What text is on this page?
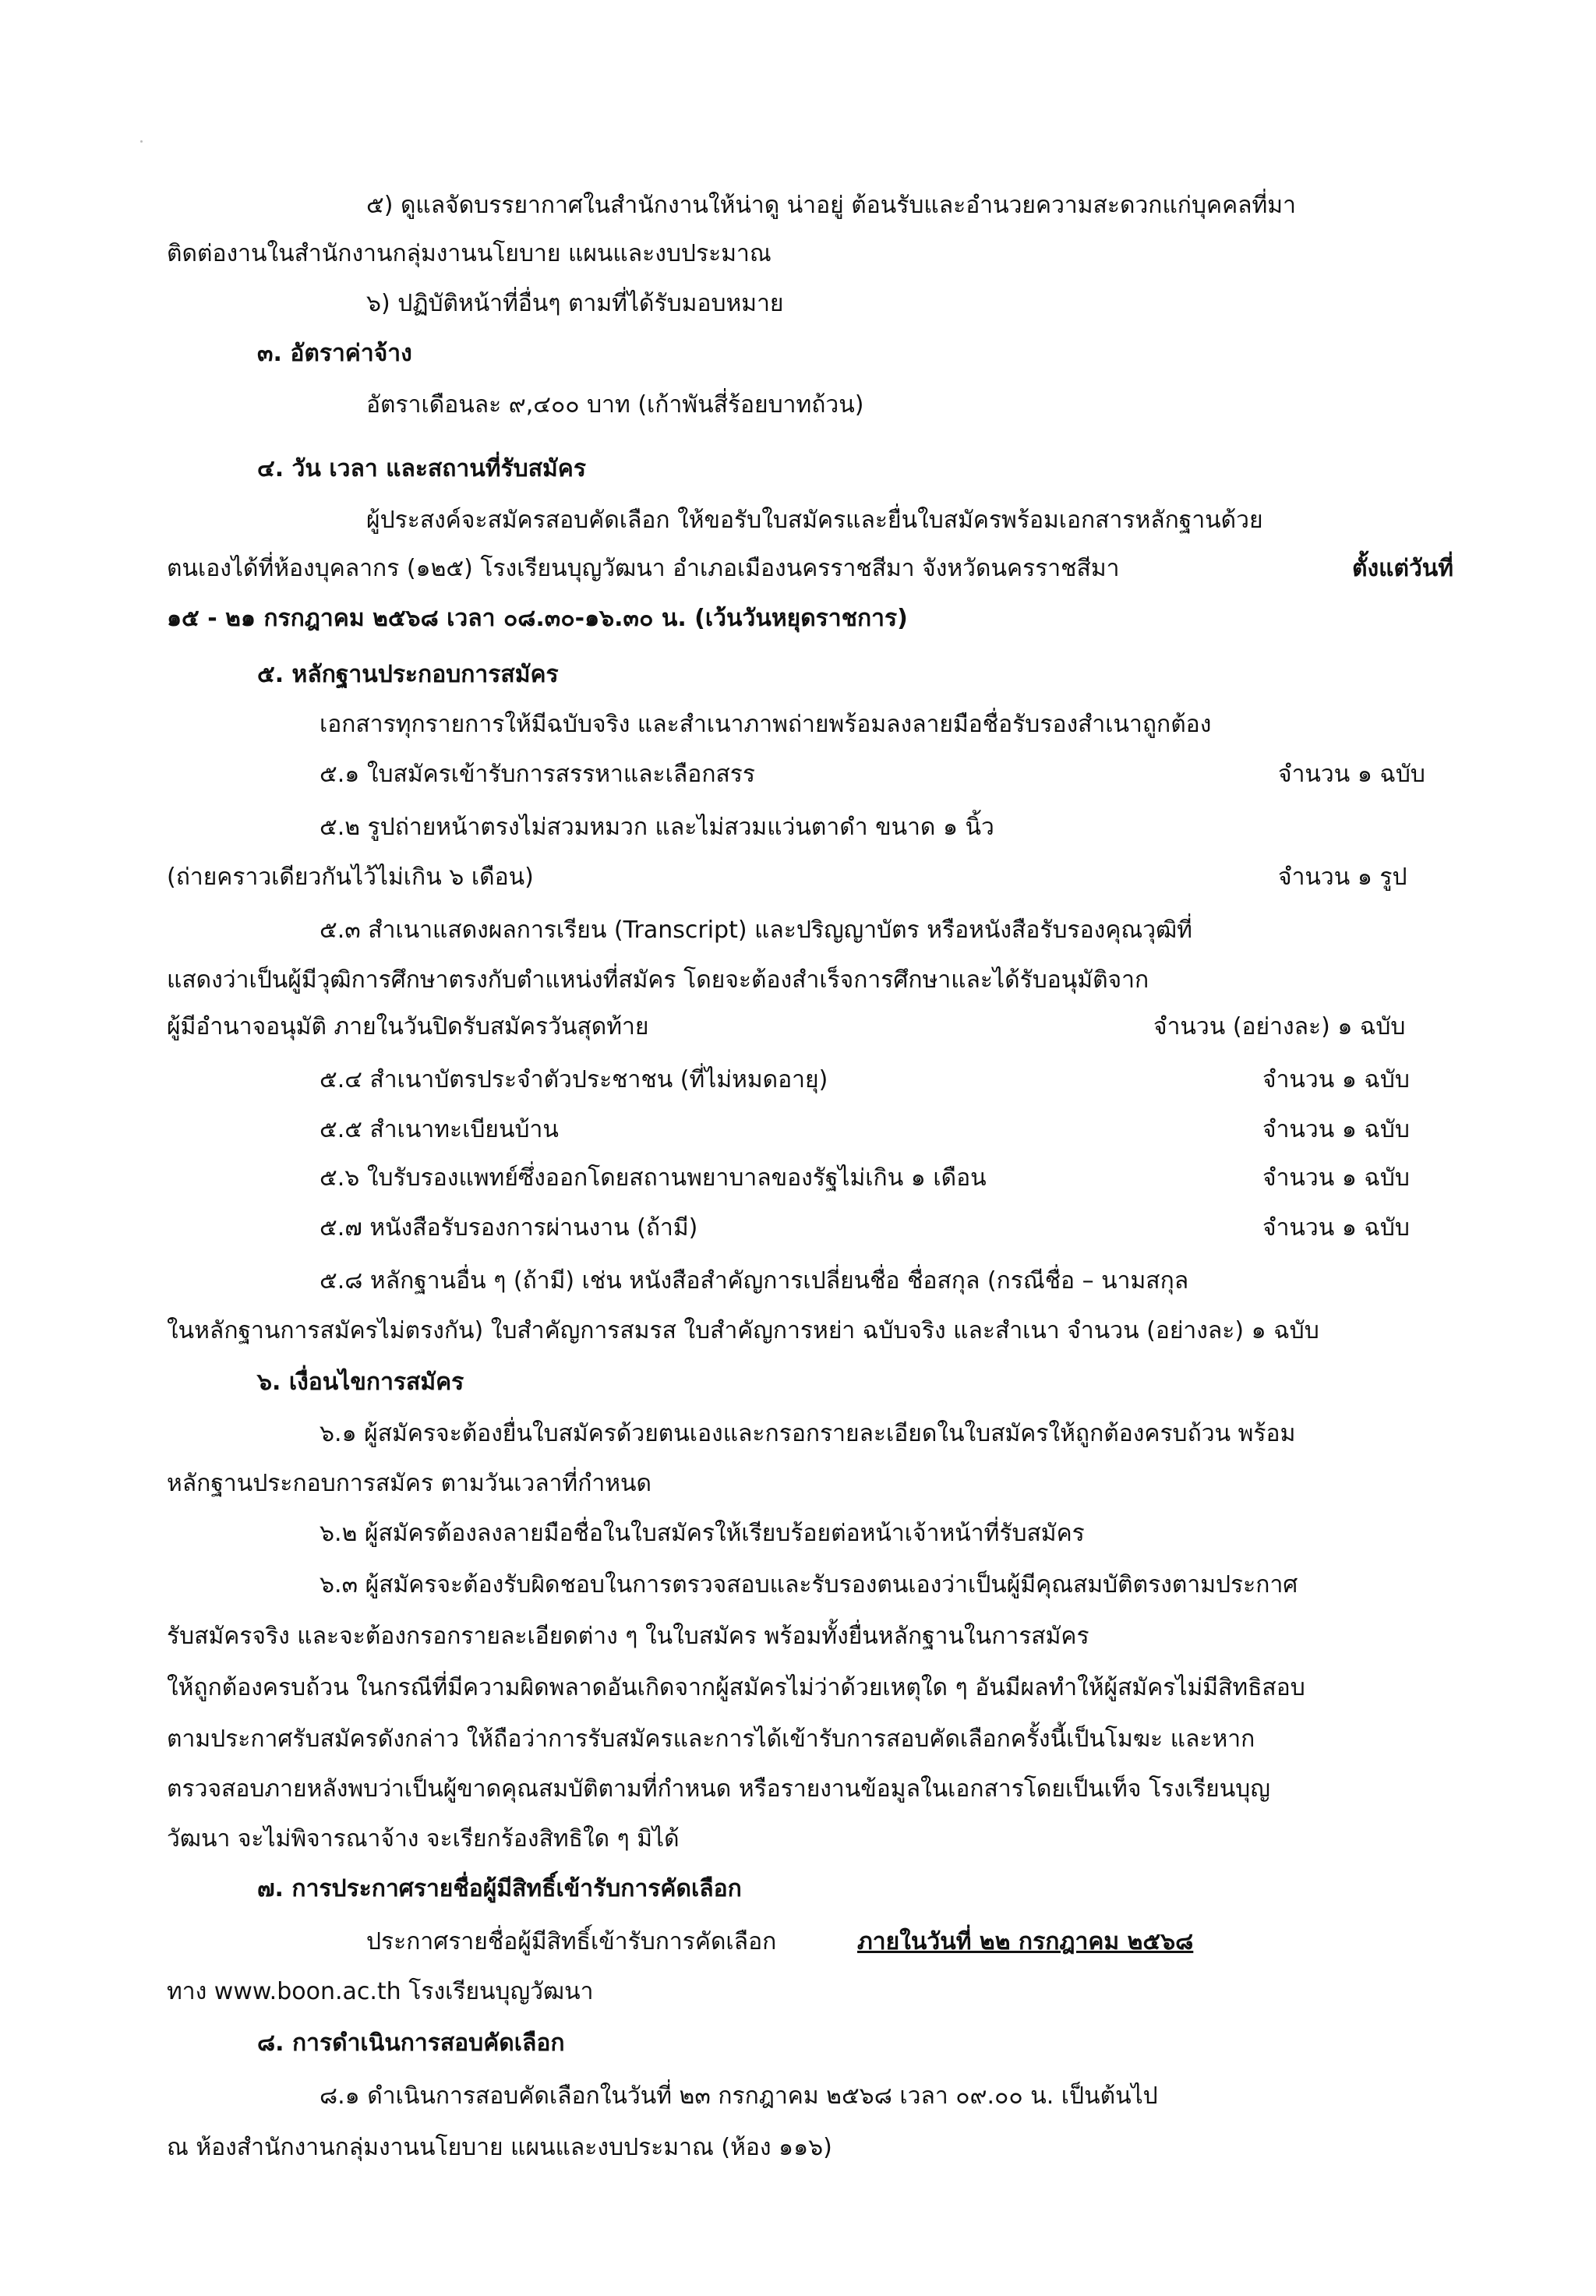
๕) ดูแลจัดบรรยากาศในสำนักงานให้น่าดู น่าอยู่ ต้อนรับและอำนวยความสะดวกแก่บุคคลที่มา
ติดต่องานในสำนักงานกลุ่มงานนโยบาย แผนและงบประมาณ
๖) ปฏิบัติหน้าที่อื่นๆ ตามที่ได้รับมอบหมาย
๓. อัตราค่าจ้าง
อัตราเดือนละ ๙,๔๐๐ บาท (เก้าพันสี่ร้อยบาทถ้วน)
๔. วัน เวลา และสถานที่รับสมัคร
ผู้ประสงค์จะสมัครสอบคัดเลือก ให้ขอรับใบสมัครและยื่นใบสมัครพร้อมเอกสารหลักฐานด้วย
ตนเองได้ที่ห้องบุคลากร (๑๒๕) โรงเรียนบุญวัฒนา อำเภอเมืองนครราชสีมา จังหวัดนครราชสีมา	ตั้งแต่วันที่
๑๕ - ๒๑ กรกฎาคม ๒๕๖๘ เวลา ๐๘.๓๐-๑๖.๓๐ น. (เว้นวันหยุดราชการ)
๕. หลักฐานประกอบการสมัคร
เอกสารทุกรายการให้มีฉบับจริง และสำเนาภาพถ่ายพร้อมลงลายมือชื่อรับรองสำเนาถูกต้อง
๕.๑ ใบสมัครเข้ารับการสรรหาและเลือกสรร	จำนวน ๑ ฉบับ
๕.๒ รูปถ่ายหน้าตรงไม่สวมหมวก และไม่สวมแว่นตาดำ ขนาด ๑ นิ้ว
(ถ่ายคราวเดียวกันไว้ไม่เกิน ๖ เดือน)	จำนวน ๑ รูป
๕.๓ สำเนาแสดงผลการเรียน (Transcript) และปริญญาบัตร หรือหนังสือรับรองคุณวุฒิที่
แสดงว่าเป็นผู้มีวุฒิการศึกษาตรงกับตำแหน่งที่สมัคร โดยจะต้องสำเร็จการศึกษาและได้รับอนุมัติจาก
ผู้มีอำนาจอนุมัติ ภายในวันปิดรับสมัครวันสุดท้าย	จำนวน (อย่างละ) ๑ ฉบับ
๕.๔ สำเนาบัตรประจำตัวประชาชน (ที่ไม่หมดอายุ)	จำนวน ๑ ฉบับ
๕.๕ สำเนาทะเบียนบ้าน	จำนวน ๑ ฉบับ
๕.๖ ใบรับรองแพทย์ซึ่งออกโดยสถานพยาบาลของรัฐไม่เกิน ๑ เดือน	จำนวน ๑ ฉบับ
๕.๗ หนังสือรับรองการผ่านงาน (ถ้ามี)	จำนวน ๑ ฉบับ
๕.๘ หลักฐานอื่น ๆ (ถ้ามี) เช่น หนังสือสำคัญการเปลี่ยนชื่อ ชื่อสกุล (กรณีชื่อ – นามสกุล
ในหลักฐานการสมัครไม่ตรงกัน) ใบสำคัญการสมรส ใบสำคัญการหย่า ฉบับจริง และสำเนา จำนวน (อย่างละ) ๑ ฉบับ
๖. เงื่อนไขการสมัคร
๖.๑ ผู้สมัครจะต้องยื่นใบสมัครด้วยตนเองและกรอกรายละเอียดในใบสมัครให้ถูกต้องครบถ้วน พร้อม
หลักฐานประกอบการสมัคร ตามวันเวลาที่กำหนด
๖.๒ ผู้สมัครต้องลงลายมือชื่อในใบสมัครให้เรียบร้อยต่อหน้าเจ้าหน้าที่รับสมัคร
๖.๓ ผู้สมัครจะต้องรับผิดชอบในการตรวจสอบและรับรองตนเองว่าเป็นผู้มีคุณสมบัติตรงตามประกาศ
รับสมัครจริง และจะต้องกรอกรายละเอียดต่าง ๆ ในใบสมัคร พร้อมทั้งยื่นหลักฐานในการสมัคร
ให้ถูกต้องครบถ้วน ในกรณีที่มีความผิดพลาดอันเกิดจากผู้สมัครไม่ว่าด้วยเหตุใด ๆ อันมีผลทำให้ผู้สมัครไม่มีสิทธิสอบ
ตามประกาศรับสมัครดังกล่าว ให้ถือว่าการรับสมัครและการได้เข้ารับการสอบคัดเลือกครั้งนี้เป็นโมฆะ และหาก
ตรวจสอบภายหลังพบว่าเป็นผู้ขาดคุณสมบัติตามที่กำหนด หรือรายงานข้อมูลในเอกสารโดยเป็นเท็จ โรงเรียนบุญ
วัฒนา จะไม่พิจารณาจ้าง จะเรียกร้องสิทธิใด ๆ มิได้
๗. การประกาศรายชื่อผู้มีสิทธิ์เข้ารับการคัดเลือก
ประกาศรายชื่อผู้มีสิทธิ์เข้ารับการคัดเลือก	ภายในวันที่ ๒๒ กรกฎาคม ๒๕๖๘
ทาง www.boon.ac.th โรงเรียนบุญวัฒนา
๘. การดำเนินการสอบคัดเลือก
๘.๑ ดำเนินการสอบคัดเลือกในวันที่ ๒๓ กรกฎาคม ๒๕๖๘ เวลา ๐๙.๐๐ น. เป็นต้นไป
ณ ห้องสำนักงานกลุ่มงานนโยบาย แผนและงบประมาณ (ห้อง ๑๑๖)
